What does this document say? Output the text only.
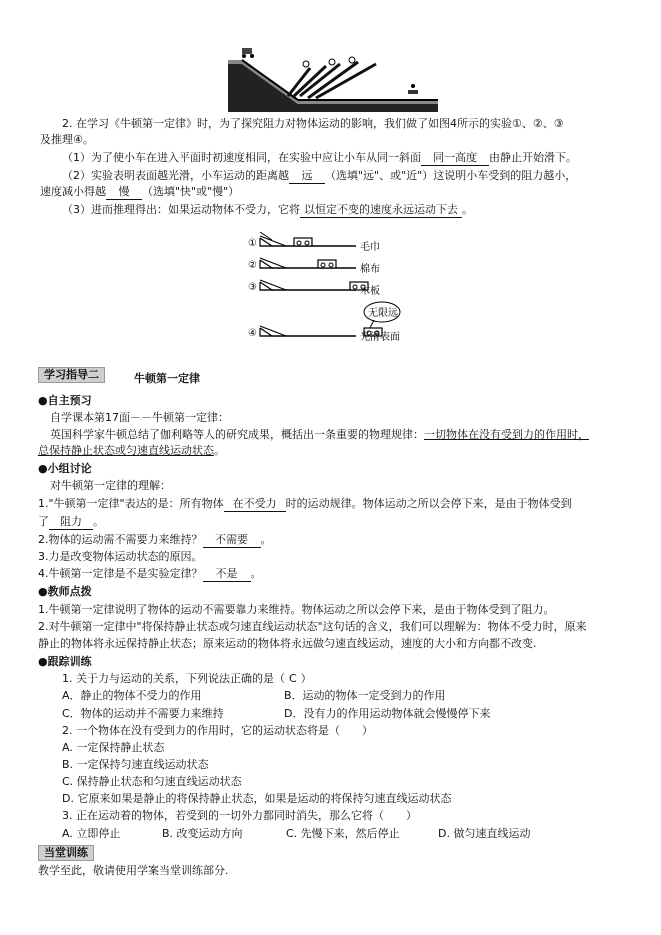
2. 在学习《牛顿第一定律》时，为了探究阻力对物体运动的影响，我们做了如图4所示的实验①、②、③
及推理④。
（1）为了使小车在进入平面时初速度相同，在实验中应让小车从同一斜面 同一高度 由静止开始滑下。
（2）实验表明表面越光滑，小车运动的距离越 远 （选填"远"、或"近"）这说明小车受到的阻力越小，
速度减小得越 慢 （选填"快"或"慢"）
（3）进而推理得出：如果运动物体不受力，它将 以恒定不变的速度永远运动下去 。
①	毛巾
②	棉布
③	木板
④	光滑表面
无限远
学习指导二	牛顿第一定律
●自主预习
自学课本第17面－－牛顿第一定律：
英国科学家牛顿总结了伽利略等人的研究成果，概括出一条重要的物理规律：一切物体在没有受到力的作用时，
总保持静止状态或匀速直线运动状态。
●小组讨论
对牛顿第一定律的理解：
1."牛顿第一定律"表达的是：所有物体 在不受力 时的运动规律。物体运动之所以会停下来，是由于物体受到
了 阻力 。
2.物体的运动需不需要力来维持？ 不需要 。
3.力是改变物体运动状态的原因。
4.牛顿第一定律是不是实验定律？ 不是 。
●教师点拨
1.牛顿第一定律说明了物体的运动不需要靠力来维持。物体运动之所以会停下来，是由于物体受到了阻力。
2.对牛顿第一定律中"将保持静止状态或匀速直线运动状态"这句话的含义，我们可以理解为：物体不受力时，原来
静止的物体将永远保持静止状态；原来运动的物体将永远做匀速直线运动，速度的大小和方向都不改变.
●跟踪训练
1. 关于力与运动的关系，下列说法正确的是（ C ）
A．静止的物体不受力的作用	B．运动的物体一定受到力的作用
C．物体的运动并不需要力来维持	D．没有力的作用运动物体就会慢慢停下来
2. 一个物体在没有受到力的作用时，它的运动状态将是（　　）
A. 一定保持静止状态
B. 一定保持匀速直线运动状态
C. 保持静止状态和匀速直线运动状态
D. 它原来如果是静止的将保持静止状态，如果是运动的将保持匀速直线运动状态
3. 正在运动着的物体，若受到的一切外力都同时消失，那么它将（　　）
A. 立即停止	B. 改变运动方向	C. 先慢下来，然后停止	D. 做匀速直线运动
当堂训练
教学至此，敬请使用学案当堂训练部分.
